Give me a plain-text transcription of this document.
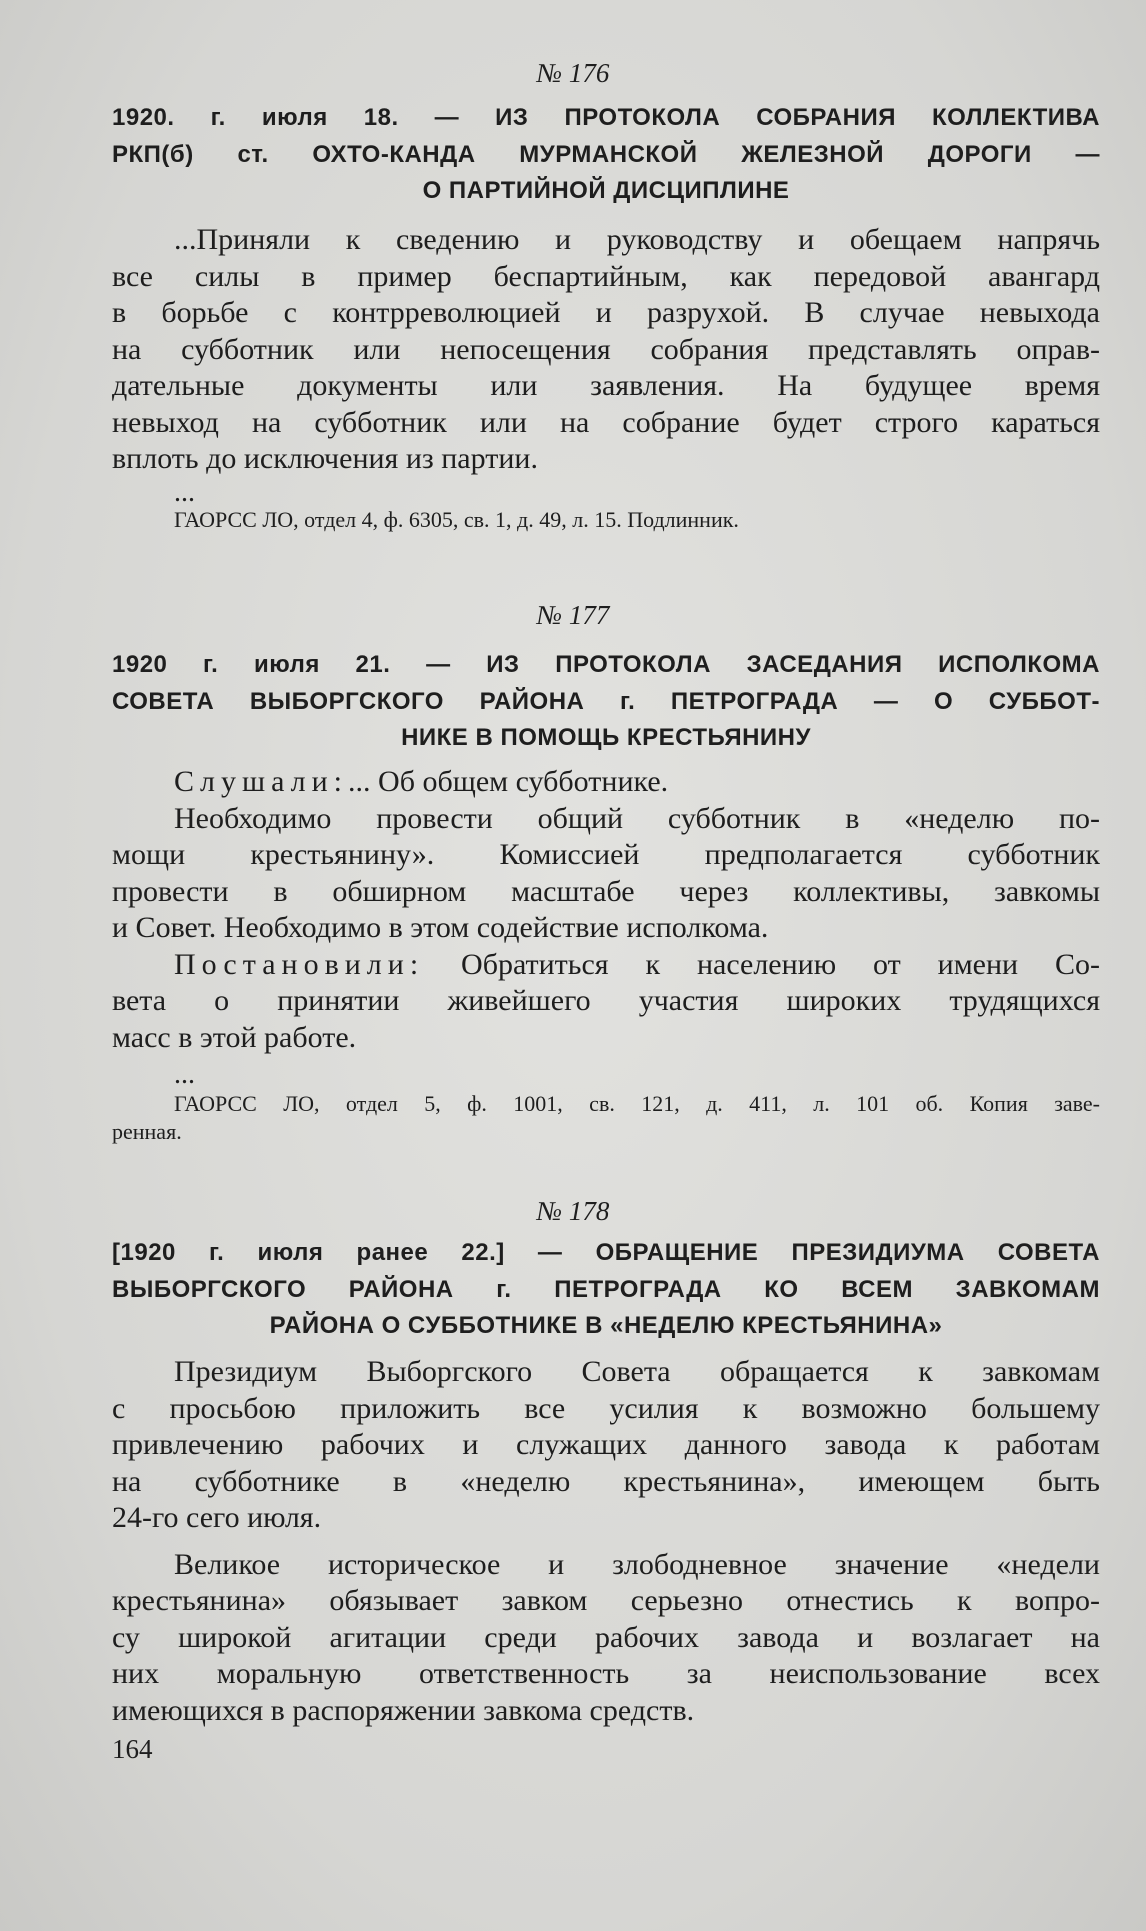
№ 176
1920. г. июля 18. — ИЗ ПРОТОКОЛА СОБРАНИЯ КОЛЛЕКТИВА
РКП(б) ст. ОХТО-КАНДА МУРМАНСКОЙ ЖЕЛЕЗНОЙ ДОРОГИ —
О ПАРТИЙНОЙ ДИСЦИПЛИНЕ
...Приняли к сведению и руководству и обещаем напрячь
все силы в пример беспартийным, как передовой авангард
в борьбе с контрреволюцией и разрухой. В случае невыхода
на субботник или непосещения собрания представлять оправ-
дательные документы или заявления. На будущее время
невыход на субботник или на собрание будет строго караться
вплоть до исключения из партии.
...
ГАОРСС ЛО, отдел 4, ф. 6305, св. 1, д. 49, л. 15. Подлинник.
№ 177
1920 г. июля 21. — ИЗ ПРОТОКОЛА ЗАСЕДАНИЯ ИСПОЛКОМА
СОВЕТА ВЫБОРГСКОГО РАЙОНА г. ПЕТРОГРАДА — О СУББОТ-
НИКЕ В ПОМОЩЬ КРЕСТЬЯНИНУ
Слушали:... Об общем субботнике.
Необходимо провести общий субботник в «неделю по-
мощи крестьянину». Комиссией предполагается субботник
провести в обширном масштабе через коллективы, завкомы
и Совет. Необходимо в этом содействие исполкома.
Постановили: Обратиться к населению от имени Со-
вета о принятии живейшего участия широких трудящихся
масс в этой работе.
...
ГАОРСС ЛО, отдел 5, ф. 1001, св. 121, д. 411, л. 101 об. Копия заве-
ренная.
№ 178
[1920 г. июля ранее 22.] — ОБРАЩЕНИЕ ПРЕЗИДИУМА СОВЕТА
ВЫБОРГСКОГО РАЙОНА г. ПЕТРОГРАДА КО ВСЕМ ЗАВКОМАМ
РАЙОНА О СУББОТНИКЕ В «НЕДЕЛЮ КРЕСТЬЯНИНА»
Президиум Выборгского Совета обращается к завкомам
с просьбою приложить все усилия к возможно большему
привлечению рабочих и служащих данного завода к работам
на субботнике в «неделю крестьянина», имеющем быть
24-го сего июля.
Великое историческое и злободневное значение «недели
крестьянина» обязывает завком серьезно отнестись к вопро-
су широкой агитации среди рабочих завода и возлагает на
них моральную ответственность за неиспользование всех
имеющихся в распоряжении завкома средств.
164
